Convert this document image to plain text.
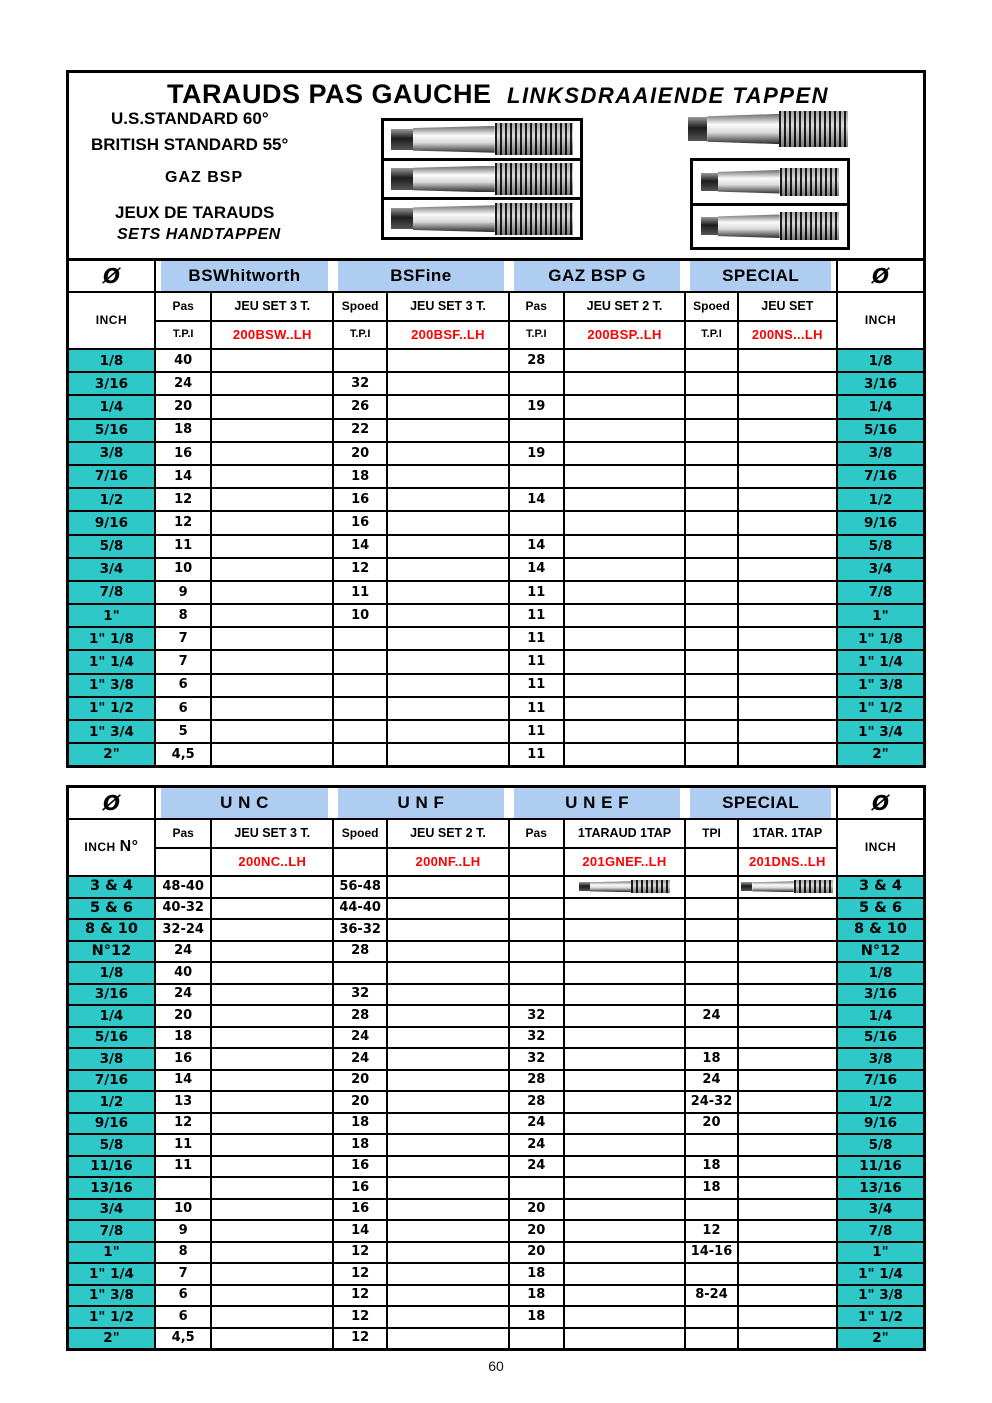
TARAUDS PAS GAUCHE LINKSDRAAIENDE TAPPEN
U.S.STANDARD 60°
BRITISH STANDARD 55°
GAZ BSP
JEUX DE TARAUDS
SETS HANDTAPPEN
Ø	BSWhitworth		BSFine		GAZ BSP G		SPECIAL		Ø
INCH	Pas	JEU SET 3 T.	Spoed	JEU SET 3 T.	Pas	JEU SET 2 T.	Spoed	JEU SET	INCH
	T.P.I	200BSW..LH	T.P.I	200BSF..LH	T.P.I	200BSP..LH	T.P.I	200NS...LH	
1/8	40				28				1/8
3/16	24		32						3/16
1/4	20		26		19				1/4
5/16	18		22						5/16
3/8	16		20		19				3/8
7/16	14		18						7/16
1/2	12		16		14				1/2
9/16	12		16						9/16
5/8	11		14		14				5/8
3/4	10		12		14				3/4
7/8	9		11		11				7/8
1"	8		10		11				1"
1" 1/8	7				11				1" 1/8
1" 1/4	7				11				1" 1/4
1" 3/8	6				11				1" 3/8
1" 1/2	6				11				1" 1/2
1" 3/4	5				11				1" 3/4
2"	4,5				11				2"
Ø	U N C		U N F		U N E F		SPECIAL		Ø
INCH N°	Pas	JEU SET 3 T.	Spoed	JEU SET 2 T.	Pas	1TARAUD 1TAP	TPI	1TAR. 1TAP	INCH
		200NC..LH		200NF..LH		201GNEF..LH		201DNS..LH	
3 & 4	48-40		56-48						3 & 4
5 & 6	40-32		44-40						5 & 6
8 & 10	32-24		36-32						8 & 10
N°12	24		28						N°12
1/8	40								1/8
3/16	24		32						3/16
1/4	20		28		32		24		1/4
5/16	18		24		32				5/16
3/8	16		24		32		18		3/8
7/16	14		20		28		24		7/16
1/2	13		20		28		24-32		1/2
9/16	12		18		24		20		9/16
5/8	11		18		24				5/8
11/16	11		16		24		18		11/16
13/16			16				18		13/16
3/4	10		16		20				3/4
7/8	9		14		20		12		7/8
1"	8		12		20		14-16		1"
1" 1/4	7		12		18				1" 1/4
1" 3/8	6		12		18		8-24		1" 3/8
1" 1/2	6		12		18				1" 1/2
2"	4,5		12						2"
60
